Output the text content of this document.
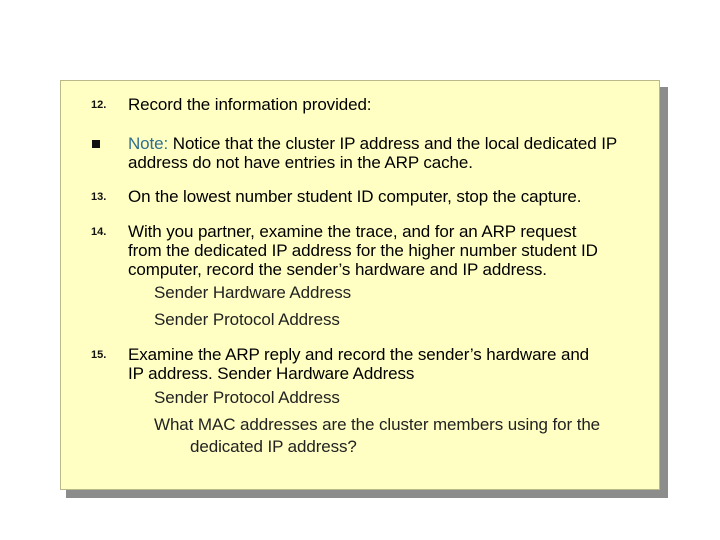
12.	Record the information provided:
Note: Notice that the cluster IP address and the local dedicated IP
address do not have entries in the ARP cache.
13.	On the lowest number student ID computer, stop the capture.
14.	With you partner, examine the trace, and for an ARP request
from the dedicated IP address for the higher number student ID
computer, record the sender’s hardware and IP address.
Sender Hardware Address
Sender Protocol Address
15.	Examine the ARP reply and record the sender’s hardware and
IP address. Sender Hardware Address
Sender Protocol Address
What MAC addresses are the cluster members using for the
dedicated IP address?
